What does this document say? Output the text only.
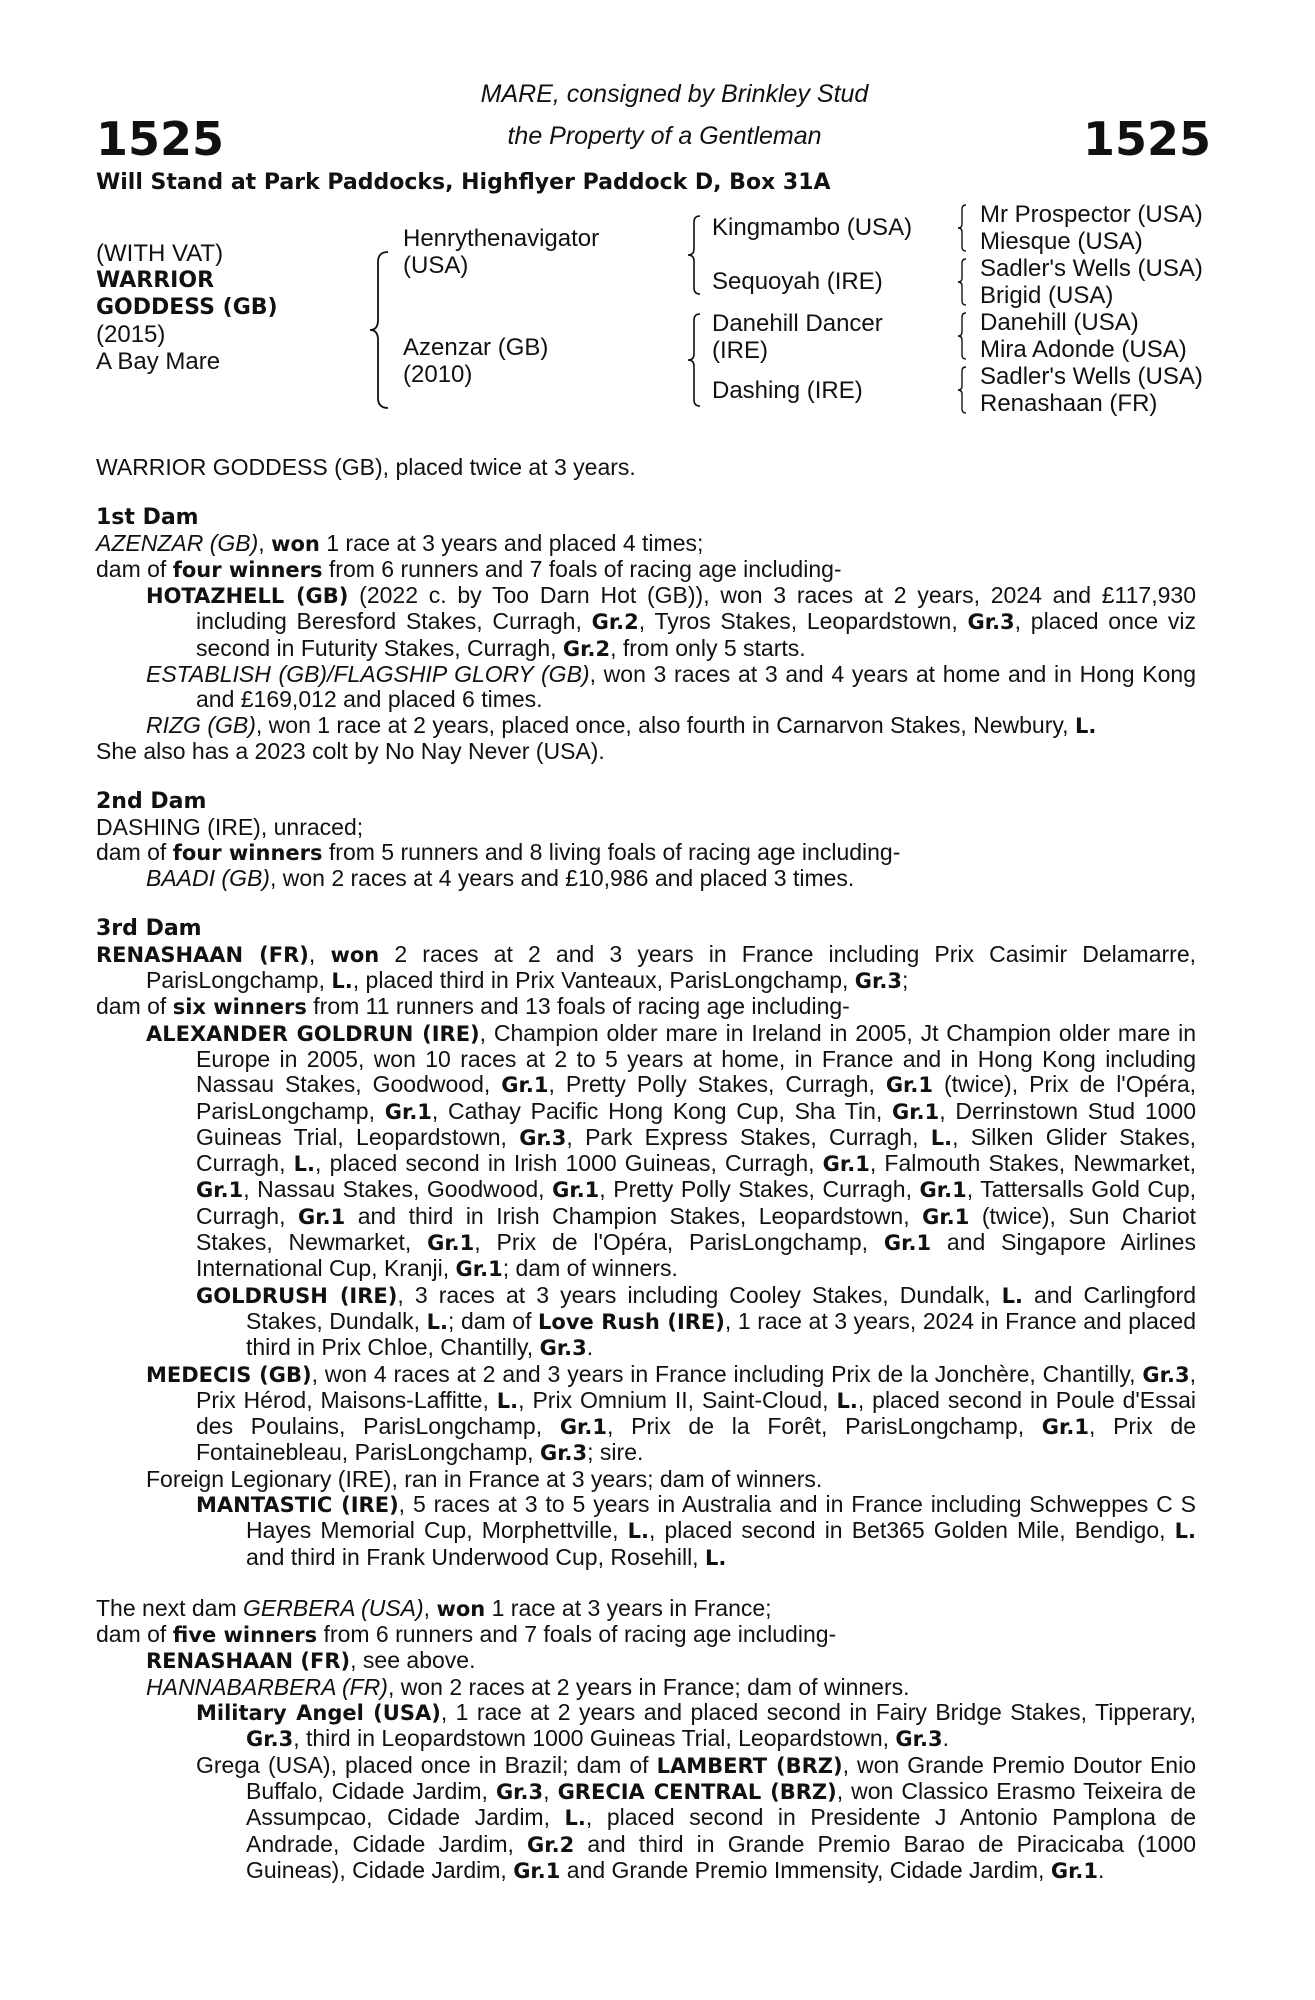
1525	1525
MARE, consigned by Brinkley Stud
the Property of a Gentleman
Will Stand at Park Paddocks, Highflyer Paddock D, Box 31A
(WITH VAT)
WARRIOR
GODDESS (GB)
(2015)
A Bay Mare
Henrythenavigator
(USA)
Azenzar (GB)
(2010)
Kingmambo (USA)
Sequoyah (IRE)
Danehill Dancer
(IRE)
Dashing (IRE)
Mr Prospector (USA)
Miesque (USA)
Sadler's Wells (USA)
Brigid (USA)
Danehill (USA)
Mira Adonde (USA)
Sadler's Wells (USA)
Renashaan (FR)

WARRIOR GODDESS (GB), placed twice at 3 years.

1st Dam

AZENZAR (GB), won 1 race at 3 years and placed 4 times;

dam of four winners from 6 runners and 7 foals of racing age including-

HOTAZHELL (GB) (2022 c. by Too Darn Hot (GB)), won 3 races at 2 years, 2024 and £117,930 including Beresford Stakes, Curragh, Gr.2, Tyros Stakes, Leopardstown, Gr.3, placed once viz second in Futurity Stakes, Curragh, Gr.2, from only 5 starts.

ESTABLISH (GB)/FLAGSHIP GLORY (GB), won 3 races at 3 and 4 years at home and in Hong Kong and £169,012 and placed 6 times.

RIZG (GB), won 1 race at 2 years, placed once, also fourth in Carnarvon Stakes, Newbury, L.

She also has a 2023 colt by No Nay Never (USA).

2nd Dam

DASHING (IRE), unraced;

dam of four winners from 5 runners and 8 living foals of racing age including-

BAADI (GB), won 2 races at 4 years and £10,986 and placed 3 times.

3rd Dam

RENASHAAN (FR), won 2 races at 2 and 3 years in France including Prix Casimir Delamarre, ParisLongchamp, L., placed third in Prix Vanteaux, ParisLongchamp, Gr.3;

dam of six winners from 11 runners and 13 foals of racing age including-

ALEXANDER GOLDRUN (IRE), Champion older mare in Ireland in 2005, Jt Champion older mare in Europe in 2005, won 10 races at 2 to 5 years at home, in France and in Hong Kong including Nassau Stakes, Goodwood, Gr.1, Pretty Polly Stakes, Curragh, Gr.1 (twice), Prix de l'Opéra, ParisLongchamp, Gr.1, Cathay Pacific Hong Kong Cup, Sha Tin, Gr.1, Derrinstown Stud 1000 Guineas Trial, Leopardstown, Gr.3, Park Express Stakes, Curragh, L., Silken Glider Stakes, Curragh, L., placed second in Irish 1000 Guineas, Curragh, Gr.1, Falmouth Stakes, Newmarket, Gr.1, Nassau Stakes, Goodwood, Gr.1, Pretty Polly Stakes, Curragh, Gr.1, Tattersalls Gold Cup, Curragh, Gr.1 and third in Irish Champion Stakes, Leopardstown, Gr.1 (twice), Sun Chariot Stakes, Newmarket, Gr.1, Prix de l'Opéra, ParisLongchamp, Gr.1 and Singapore Airlines International Cup, Kranji, Gr.1; dam of winners.

GOLDRUSH (IRE), 3 races at 3 years including Cooley Stakes, Dundalk, L. and Carlingford Stakes, Dundalk, L.; dam of Love Rush (IRE), 1 race at 3 years, 2024 in France and placed third in Prix Chloe, Chantilly, Gr.3.

MEDECIS (GB), won 4 races at 2 and 3 years in France including Prix de la Jonchère, Chantilly, Gr.3, Prix Hérod, Maisons-Laffitte, L., Prix Omnium II, Saint-Cloud, L., placed second in Poule d'Essai des Poulains, ParisLongchamp, Gr.1, Prix de la Forêt, ParisLongchamp, Gr.1, Prix de Fontainebleau, ParisLongchamp, Gr.3; sire.

Foreign Legionary (IRE), ran in France at 3 years; dam of winners.

MANTASTIC (IRE), 5 races at 3 to 5 years in Australia and in France including Schweppes C S Hayes Memorial Cup, Morphettville, L., placed second in Bet365 Golden Mile, Bendigo, L. and third in Frank Underwood Cup, Rosehill, L.

The next dam GERBERA (USA), won 1 race at 3 years in France;

dam of five winners from 6 runners and 7 foals of racing age including-

RENASHAAN (FR), see above.

HANNABARBERA (FR), won 2 races at 2 years in France; dam of winners.

Military Angel (USA), 1 race at 2 years and placed second in Fairy Bridge Stakes, Tipperary, Gr.3, third in Leopardstown 1000 Guineas Trial, Leopardstown, Gr.3.

Grega (USA), placed once in Brazil; dam of LAMBERT (BRZ), won Grande Premio Doutor Enio Buffalo, Cidade Jardim, Gr.3, GRECIA CENTRAL (BRZ), won Classico Erasmo Teixeira de Assumpcao, Cidade Jardim, L., placed second in Presidente J Antonio Pamplona de Andrade, Cidade Jardim, Gr.2 and third in Grande Premio Barao de Piracicaba (1000 Guineas), Cidade Jardim, Gr.1 and Grande Premio Immensity, Cidade Jardim, Gr.1.
